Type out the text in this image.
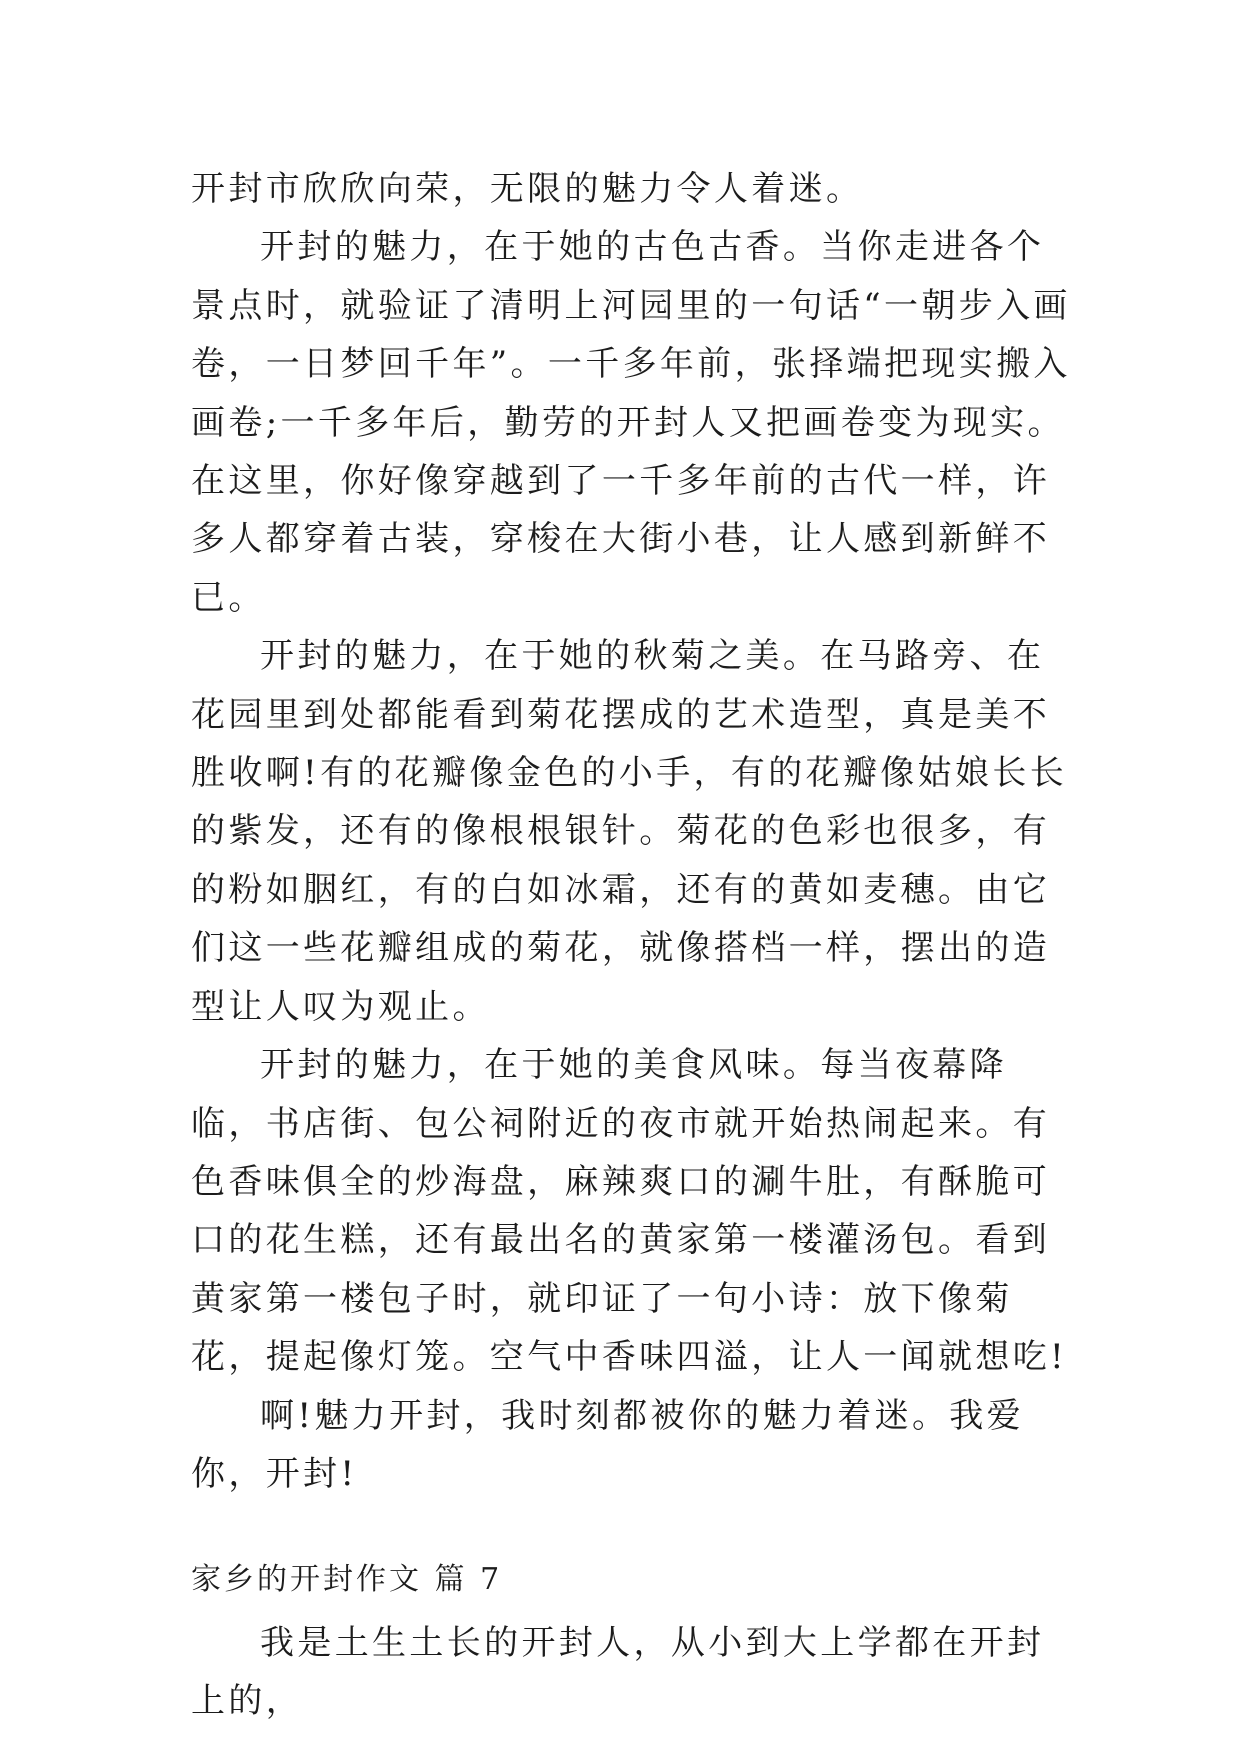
开封市欣欣向荣，无限的魅力令人着迷。

开封的魅力，在于她的古色古香。当你走进各个景点时，就验证了清明上河园里的一句话“一朝步入画卷，一日梦回千年”。一千多年前，张择端把现实搬入画卷;一千多年后，勤劳的开封人又把画卷变为现实。在这里，你好像穿越到了一千多年前的古代一样，许多人都穿着古装，穿梭在大街小巷，让人感到新鲜不已。

开封的魅力，在于她的秋菊之美。在马路旁、在花园里到处都能看到菊花摆成的艺术造型，真是美不胜收啊!有的花瓣像金色的小手，有的花瓣像姑娘长长的紫发，还有的像根根银针。菊花的色彩也很多，有的粉如胭红，有的白如冰霜，还有的黄如麦穗。由它们这一些花瓣组成的菊花，就像搭档一样，摆出的造型让人叹为观止。

开封的魅力，在于她的美食风味。每当夜幕降临，书店街、包公祠附近的夜市就开始热闹起来。有色香味俱全的炒海盘，麻辣爽口的涮牛肚，有酥脆可口的花生糕，还有最出名的黄家第一楼灌汤包。看到黄家第一楼包子时，就印证了一句小诗：放下像菊花，提起像灯笼。空气中香味四溢，让人一闻就想吃!

啊!魅力开封，我时刻都被你的魅力着迷。我爱你，开封!

家乡的开封作文 篇 7

我是土生土长的开封人，从小到大上学都在开封上的，
